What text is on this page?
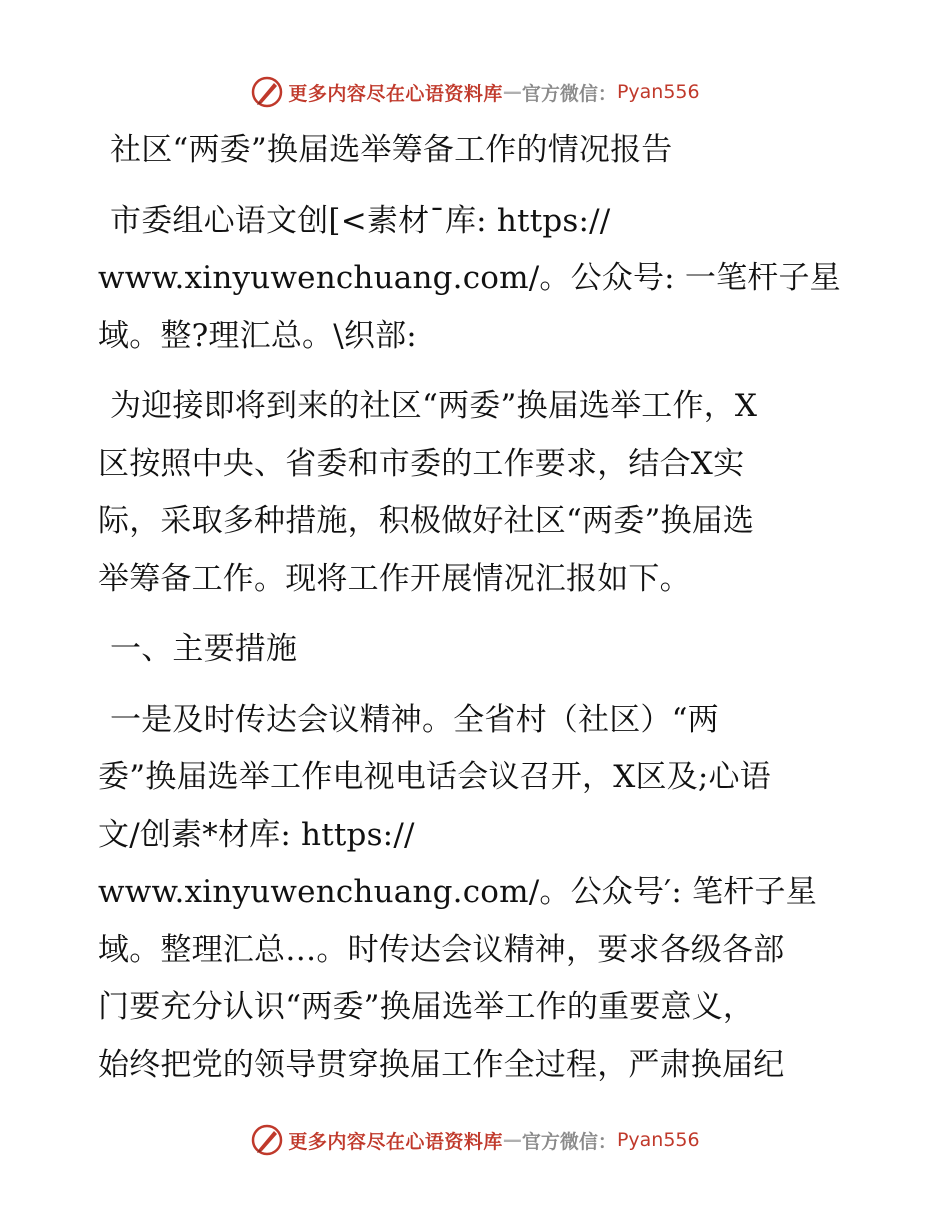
更多内容尽在心语资料库 — 官方微信： Pyan556

社区“两委”换届选举筹备工作的情况报告

市委组心语文创[<素材¯库: https://

www.xinyuwenchuang.com/。公众号: 一笔杆子星

域。整?理汇总。\织部:

为迎接即将到来的社区“两委”换届选举工作，X

区按照中央、省委和市委的工作要求，结合X实

际，采取多种措施，积极做好社区“两委”换届选

举筹备工作。现将工作开展情况汇报如下。

一、主要措施

一是及时传达会议精神。全省村（社区）“两

委”换届选举工作电视电话会议召开，X区及;心语

文/创素*材库: https://

www.xinyuwenchuang.com/。公众号′: 笔杆子星

域。整理汇总…。时传达会议精神，要求各级各部

门要充分认识“两委”换届选举工作的重要意义，

始终把党的领导贯穿换届工作全过程，严肃换届纪

更多内容尽在心语资料库 — 官方微信： Pyan556
